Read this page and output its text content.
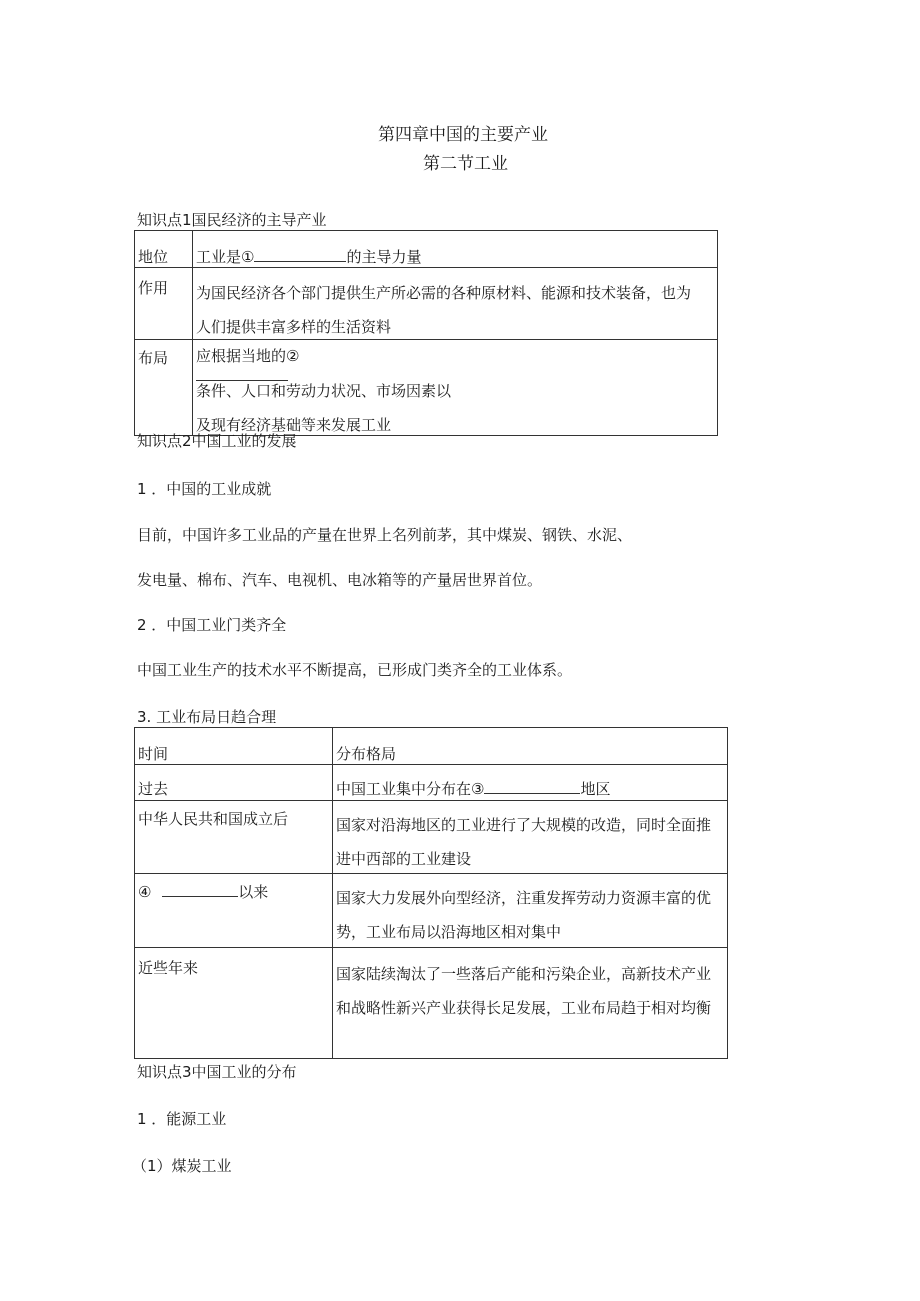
第四章中国的主要产业
第二节工业
知识点1国民经济的主导产业
地位	工业是① 的主导力量
作用	为国民经济各个部门提供生产所必需的各种原材料、能源和技术装备，也为
人们提供丰富多样的生活资料

布局	应根据当地的②
条件、人口和劳动力状况、市场因素以
及现有经济基础等来发展工业
知识点2中国工业的发展
1 ．中国的工业成就
目前，中国许多工业品的产量在世界上名列前茅，其中煤炭、钢铁、水泥、
发电量、棉布、汽车、电视机、电冰箱等的产量居世界首位。
2 ．中国工业门类齐全
中国工业生产的技术水平不断提高，已形成门类齐全的工业体系。
3. 工业布局日趋合理
时间	分布格局
过去	中国工业集中分布在③ 地区
中华人民共和国成立后	国家对沿海地区的工业进行了大规模的改造，同时全面推
进中西部的工业建设

④ 以来	国家大力发展外向型经济，注重发挥劳动力资源丰富的优
势，工业布局以沿海地区相对集中

近些年来	国家陆续淘汰了一些落后产能和污染企业，高新技术产业
和战略性新兴产业获得长足发展，工业布局趋于相对均衡
知识点3中国工业的分布
1 ．能源工业
（1）煤炭工业
